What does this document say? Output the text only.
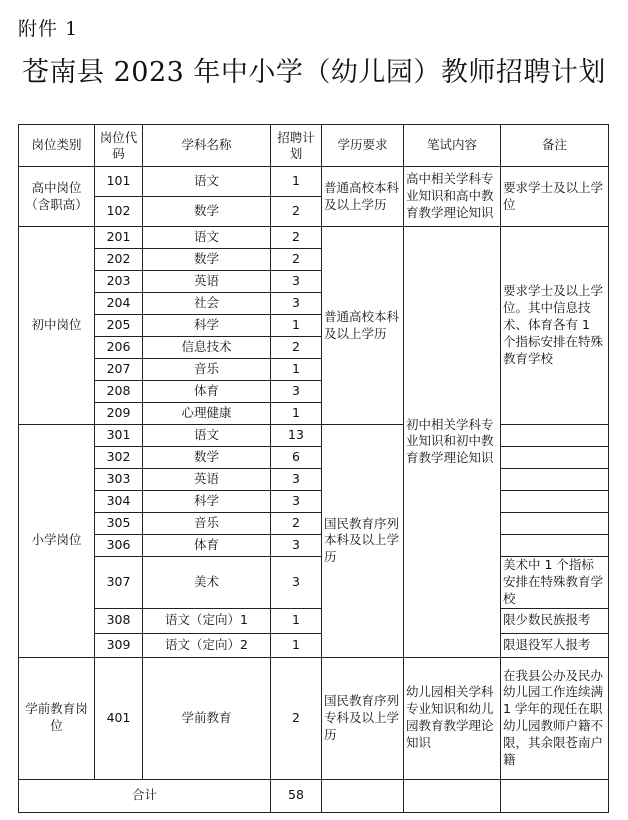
附件 1
苍南县 2023 年中小学（幼儿园）教师招聘计划
岗位类别	岗位代码	学科名称	招聘计划	学历要求	笔试内容	备注
高中岗位（含职高）	101	语文	1	普通高校本科及以上学历	高中相关学科专业知识和高中教育教学理论知识	要求学士及以上学位
	102	数学	2			
初中岗位	201	语文	2	普通高校本科及以上学历	初中相关学科专业知识和初中教育教学理论知识	要求学士及以上学位。其中信息技术、体育各有 1 个指标安排在特殊教育学校
	202	数学	2			
	203	英语	3			
	204	社会	3			
	205	科学	1			
	206	信息技术	2			
	207	音乐	1			
	208	体育	3			
	209	心理健康	1			
小学岗位	301	语文	13	国民教育序列本科及以上学历		
	302	数学	6			
	303	英语	3			
	304	科学	3			
	305	音乐	2			
	306	体育	3			
	307	美术	3			美术中 1 个指标安排在特殊教育学校
	308	语文（定向）1	1			限少数民族报考
	309	语文（定向）2	1			限退役军人报考
学前教育岗位	401	学前教育	2	国民教育序列专科及以上学历	幼儿园相关学科专业知识和幼儿园教育教学理论知识	在我县公办及民办幼儿园工作连续满 1 学年的现任在职幼儿园教师户籍不限，其余限苍南户籍
合计			58			
